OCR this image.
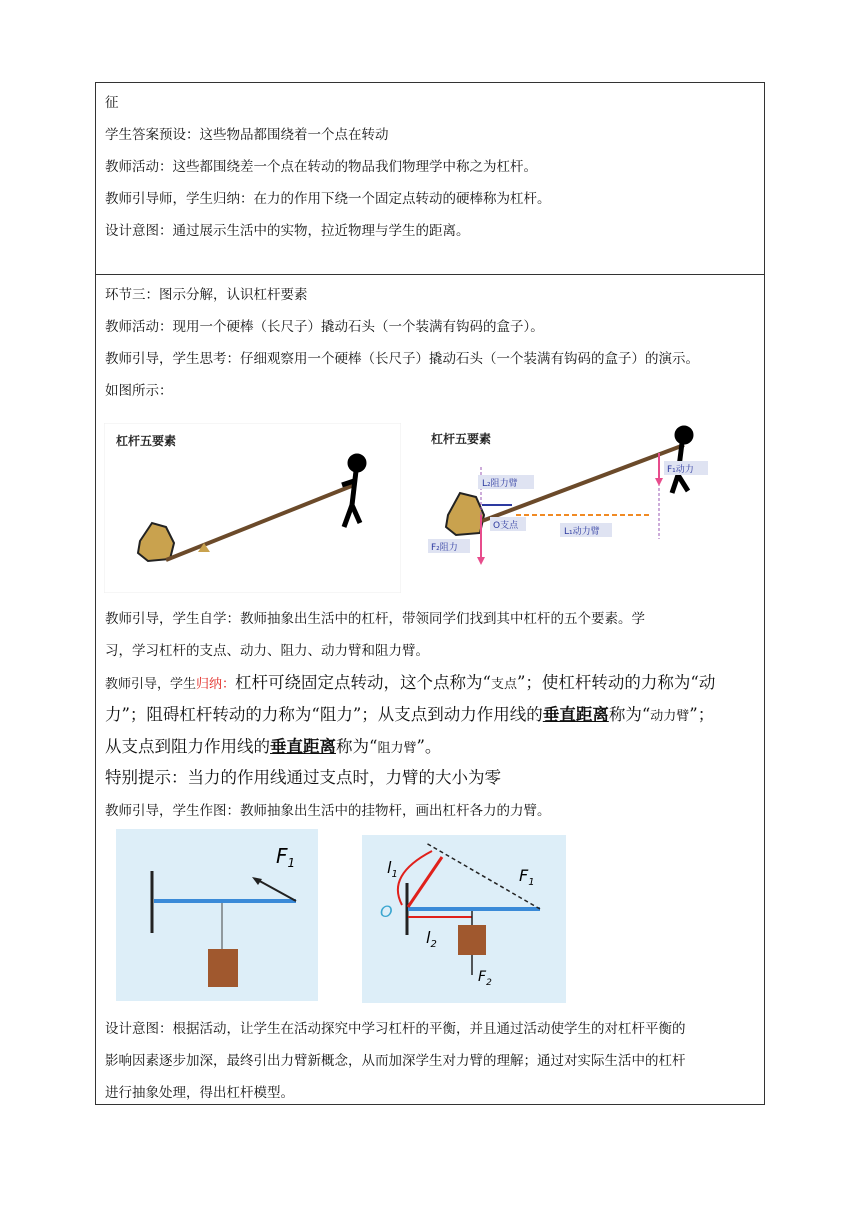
征
学生答案预设：这些物品都围绕着一个点在转动
教师活动：这些都围绕差一个点在转动的物品我们物理学中称之为杠杆。
教师引导师，学生归纳：在力的作用下绕一个固定点转动的硬棒称为杠杆。
设计意图：通过展示生活中的实物，拉近物理与学生的距离。
环节三：图示分解，认识杠杆要素
教师活动：现用一个硬棒（长尺子）撬动石头（一个装满有钩码的盒子）。
教师引导，学生思考：仔细观察用一个硬棒（长尺子）撬动石头（一个装满有钩码的盒子）的演示。
如图所示：
杠杆五要素	杠杆五要素
L₂阻力臂
F₁动力
O支点
L₁动力臂
F₂阻力
教师引导，学生自学：教师抽象出生活中的杠杆，带领同学们找到其中杠杆的五个要素。学
习，学习杠杆的支点、动力、阻力、动力臂和阻力臂。
教师引导，学生归纳：杠杆可绕固定点转动，这个点称为“支点”；使杠杆转动的力称为“动
力”；阻碍杠杆转动的力称为“阻力”；从支点到动力作用线的垂直距离称为“动力臂”；
从支点到阻力作用线的垂直距离称为“阻力臂”。
特别提示：当力的作用线通过支点时，力臂的大小为零
教师引导，学生作图：教师抽象出生活中的挂物杆，画出杠杆各力的力臂。
$F_1$	$l_1$	$F_1$
O
$l_2$
$F_2$
设计意图：根据活动，让学生在活动探究中学习杠杆的平衡，并且通过活动使学生的对杠杆平衡的
影响因素逐步加深，最终引出力臂新概念，从而加深学生对力臂的理解；通过对实际生活中的杠杆
进行抽象处理，得出杠杆模型。
